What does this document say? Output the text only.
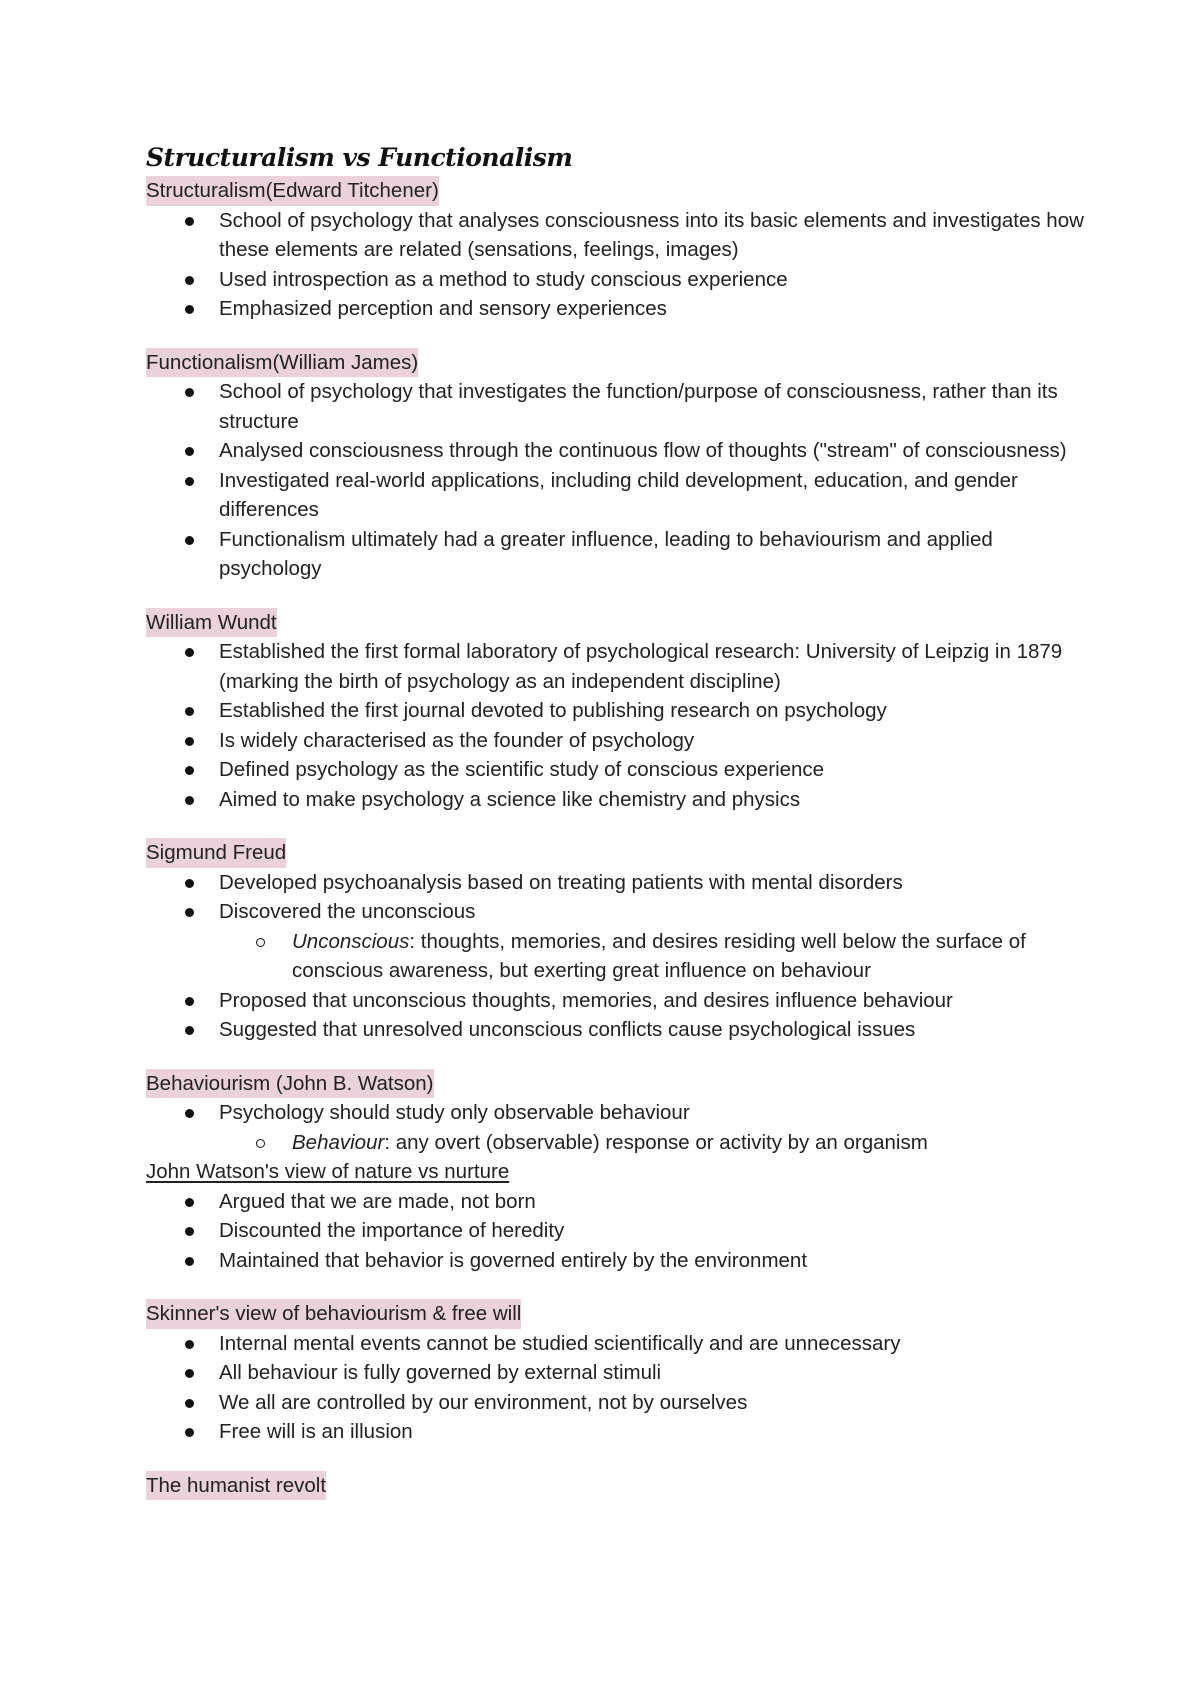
Structuralism vs Functionalism
Structuralism(Edward Titchener)
School of psychology that analyses consciousness into its basic elements and investigates how these elements are related (sensations, feelings, images)
Used introspection as a method to study conscious experience
Emphasized perception and sensory experiences
Functionalism(William James)
School of psychology that investigates the function/purpose of consciousness, rather than its structure
Analysed consciousness through the continuous flow of thoughts ("stream" of consciousness)
Investigated real-world applications, including child development, education, and gender differences
Functionalism ultimately had a greater influence, leading to behaviourism and applied psychology
William Wundt
Established the first formal laboratory of psychological research: University of Leipzig in 1879 (marking the birth of psychology as an independent discipline)
Established the first journal devoted to publishing research on psychology
Is widely characterised as the founder of psychology
Defined psychology as the scientific study of conscious experience
Aimed to make psychology a science like chemistry and physics
Sigmund Freud
Developed psychoanalysis based on treating patients with mental disorders
Discovered the unconscious
Unconscious: thoughts, memories, and desires residing well below the surface of conscious awareness, but exerting great influence on behaviour
Proposed that unconscious thoughts, memories, and desires influence behaviour
Suggested that unresolved unconscious conflicts cause psychological issues
Behaviourism (John B. Watson)
Psychology should study only observable behaviour
Behaviour: any overt (observable) response or activity by an organism
John Watson's view of nature vs nurture
Argued that we are made, not born
Discounted the importance of heredity
Maintained that behavior is governed entirely by the environment
Skinner's view of behaviourism & free will
Internal mental events cannot be studied scientifically and are unnecessary
All behaviour is fully governed by external stimuli
We all are controlled by our environment, not by ourselves
Free will is an illusion
The humanist revolt
